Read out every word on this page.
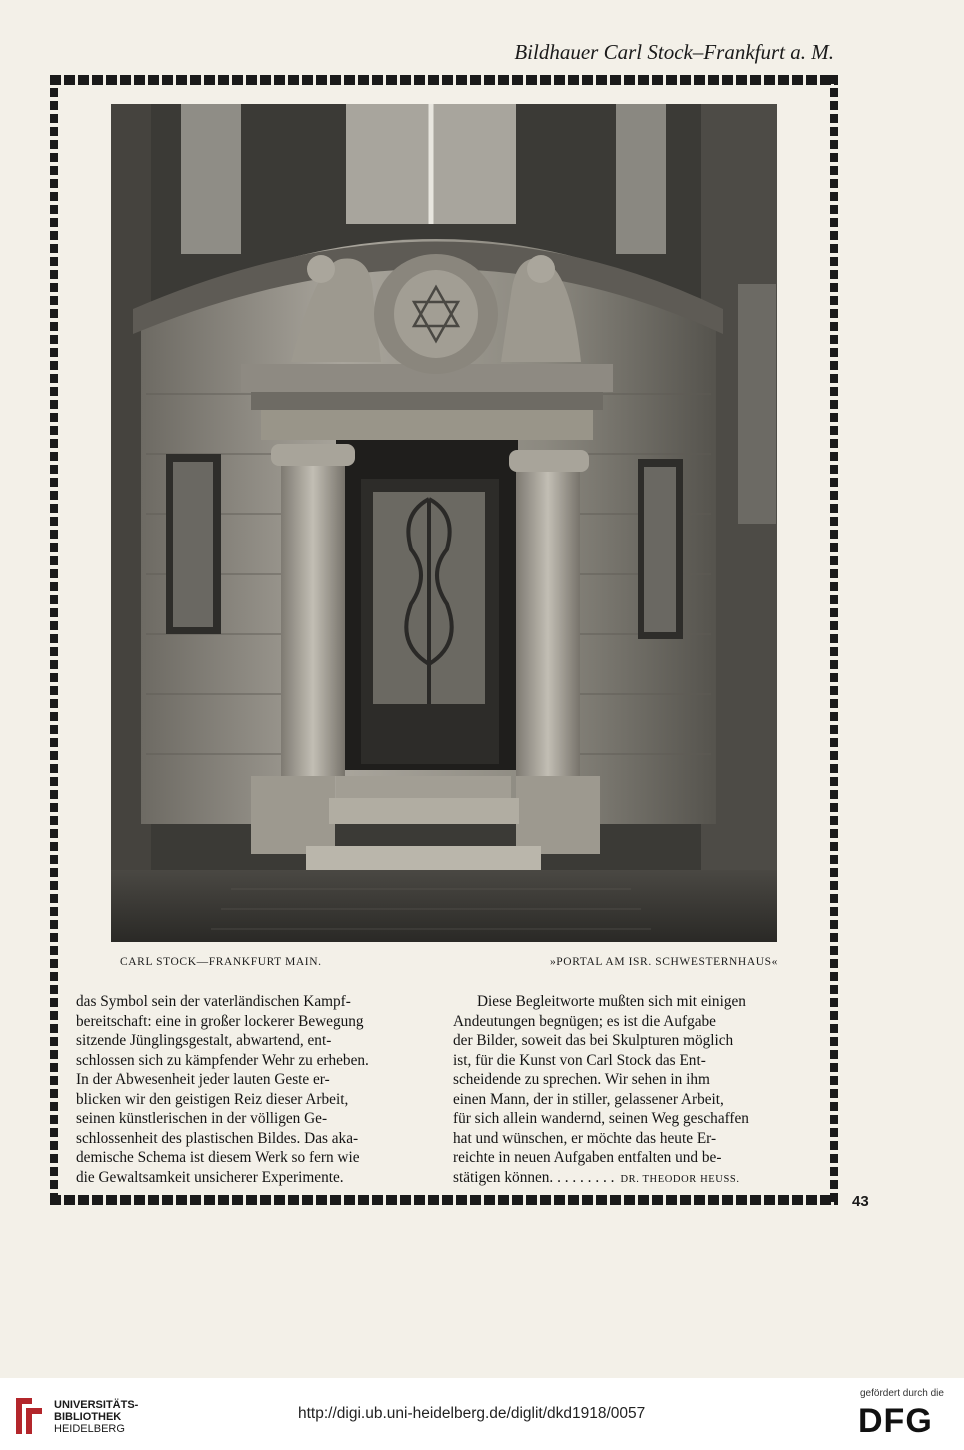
Bildhauer Carl Stock–Frankfurt a. M.
43
CARL STOCK—FRANKFURT MAIN.	»PORTAL AM ISR. SCHWESTERNHAUS«

das Symbol sein der vaterländischen Kampf-

bereitschaft: eine in großer lockerer Bewegung

sitzende Jünglingsgestalt, abwartend, ent-

schlossen sich zu kämpfender Wehr zu erheben.

In der Abwesenheit jeder lauten Geste er-

blicken wir den geistigen Reiz dieser Arbeit,

seinen künstlerischen in der völligen Ge-

schlossenheit des plastischen Bildes. Das aka-

demische Schema ist diesem Werk so fern wie

die Gewaltsamkeit unsicherer Experimente.

Diese Begleitworte mußten sich mit einigen

Andeutungen begnügen; es ist die Aufgabe

der Bilder, soweit das bei Skulpturen möglich

ist, für die Kunst von Carl Stock das Ent-

scheidende zu sprechen. Wir sehen in ihm

einen Mann, der in stiller, gelassener Arbeit,

für sich allein wandernd, seinen Weg geschaffen

hat und wünschen, er möchte das heute Er-

reichte in neuen Aufgaben entfalten und be-

stätigen können. . . . . . . . . DR. THEODOR HEUSS.

UNIVERSITÄTS-
BIBLIOTHEK
HEIDELBERG
http://digi.ub.uni-heidelberg.de/diglit/dkd1918/0057
gefördert durch die
DFG
